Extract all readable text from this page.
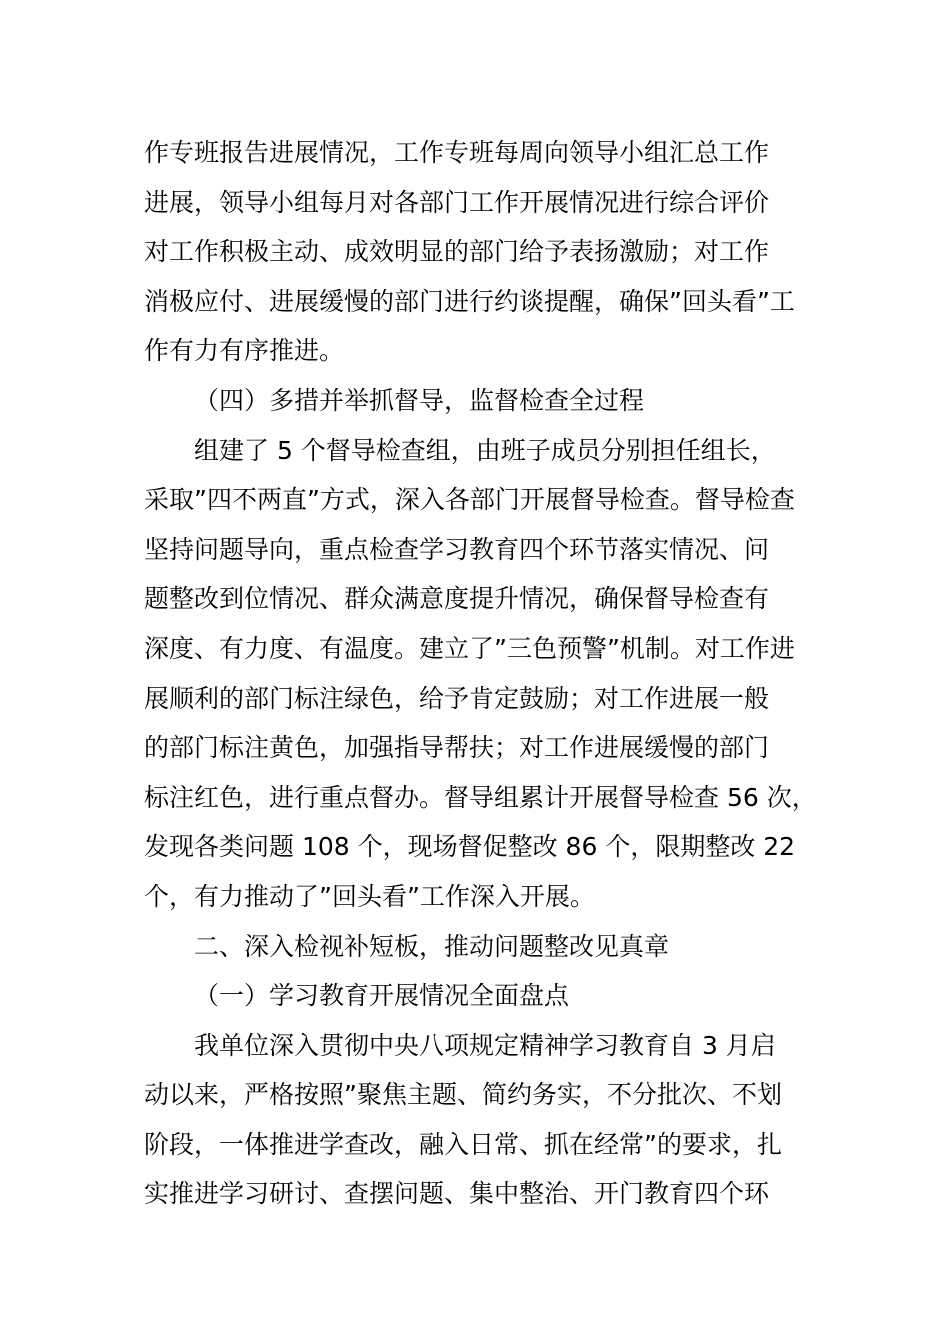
作专班报告进展情况，工作专班每周向领导小组汇总工作
进展，领导小组每月对各部门工作开展情况进行综合评价
对工作积极主动、成效明显的部门给予表扬激励；对工作
消极应付、进展缓慢的部门进行约谈提醒，确保”回头看”工
作有力有序推进。
（四）多措并举抓督导，监督检查全过程
组建了 5 个督导检查组，由班子成员分别担任组长，
采取”四不两直”方式，深入各部门开展督导检查。督导检查
坚持问题导向，重点检查学习教育四个环节落实情况、问
题整改到位情况、群众满意度提升情况，确保督导检查有
深度、有力度、有温度。建立了”三色预警”机制。对工作进
展顺利的部门标注绿色，给予肯定鼓励；对工作进展一般
的部门标注黄色，加强指导帮扶；对工作进展缓慢的部门
标注红色，进行重点督办。督导组累计开展督导检查 56 次，
发现各类问题 108 个，现场督促整改 86 个，限期整改 22
个，有力推动了”回头看”工作深入开展。
二、深入检视补短板，推动问题整改见真章
（一）学习教育开展情况全面盘点
我单位深入贯彻中央八项规定精神学习教育自 3 月启
动以来，严格按照”聚焦主题、简约务实，不分批次、不划
阶段，一体推进学查改，融入日常、抓在经常”的要求，扎
实推进学习研讨、查摆问题、集中整治、开门教育四个环
